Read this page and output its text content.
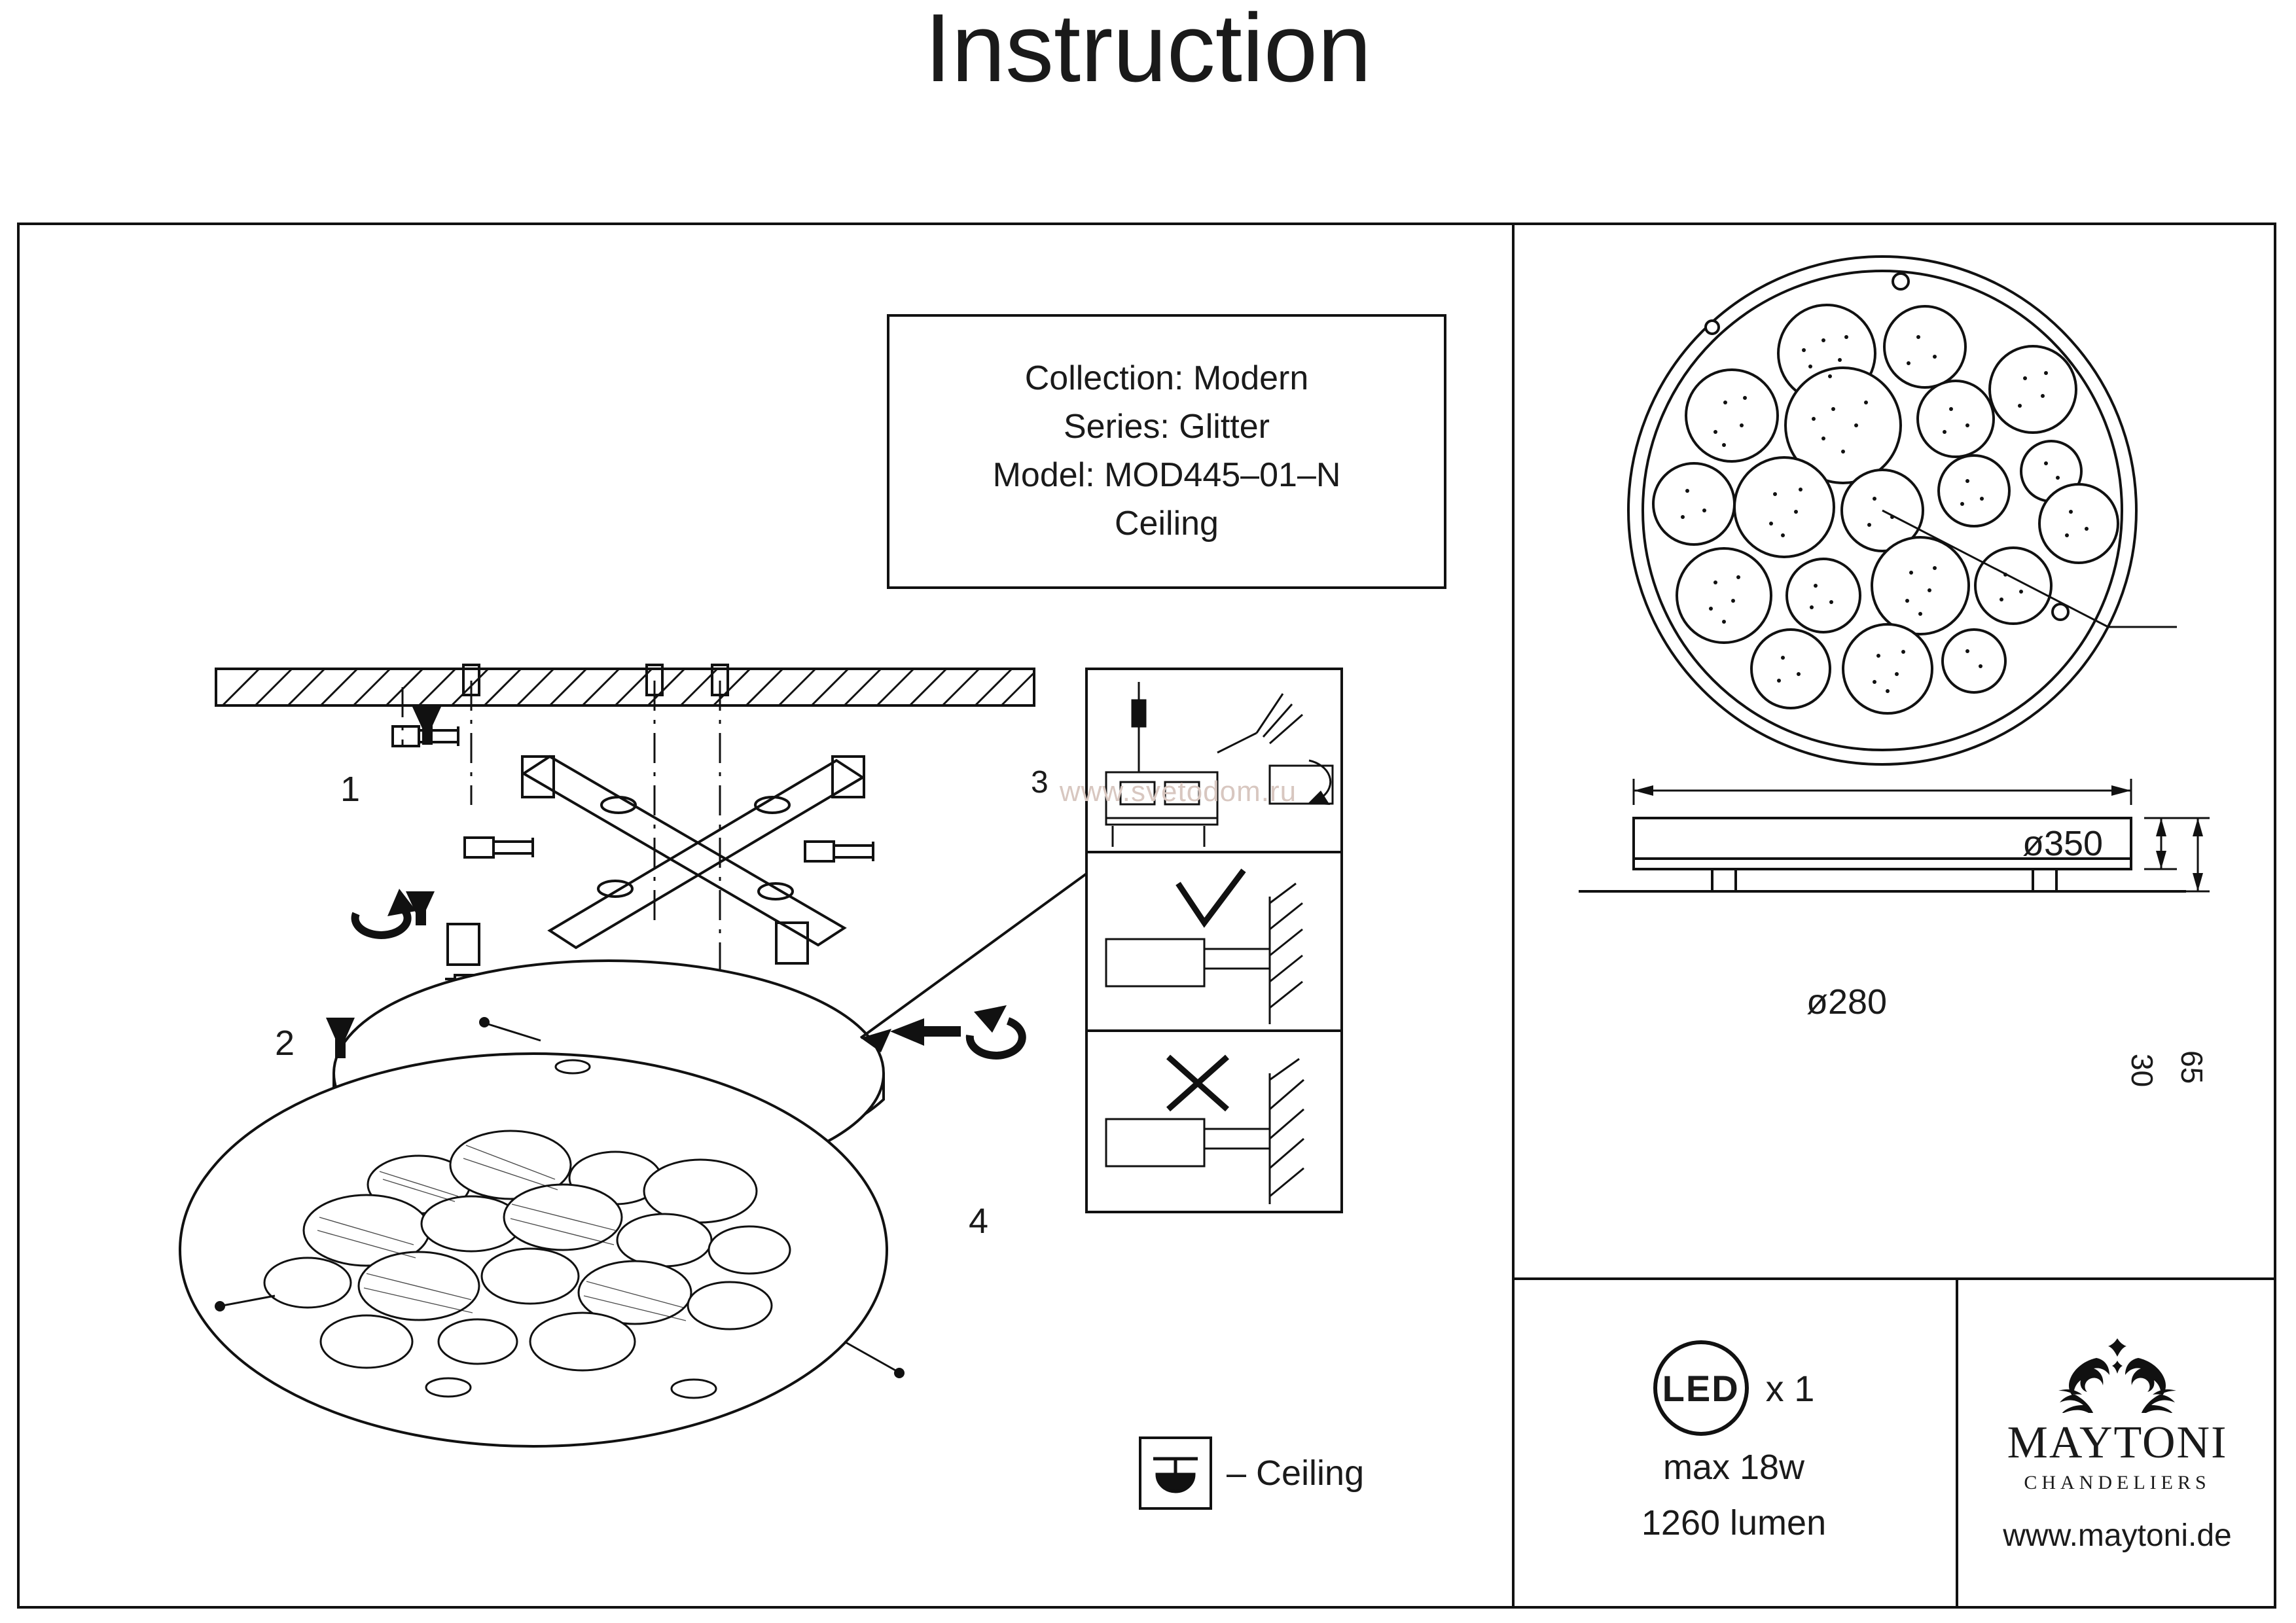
Instruction
Collection: Modern
Series: Glitter
Model: MOD445–01–N
Ceiling
1
2
3
4
www.svetodom.ru
– Ceiling
ø350
ø280
30 65
LED x 1
max 18w
1260 lumen
MAYTONI
CHANDELIERS
www.maytoni.de
